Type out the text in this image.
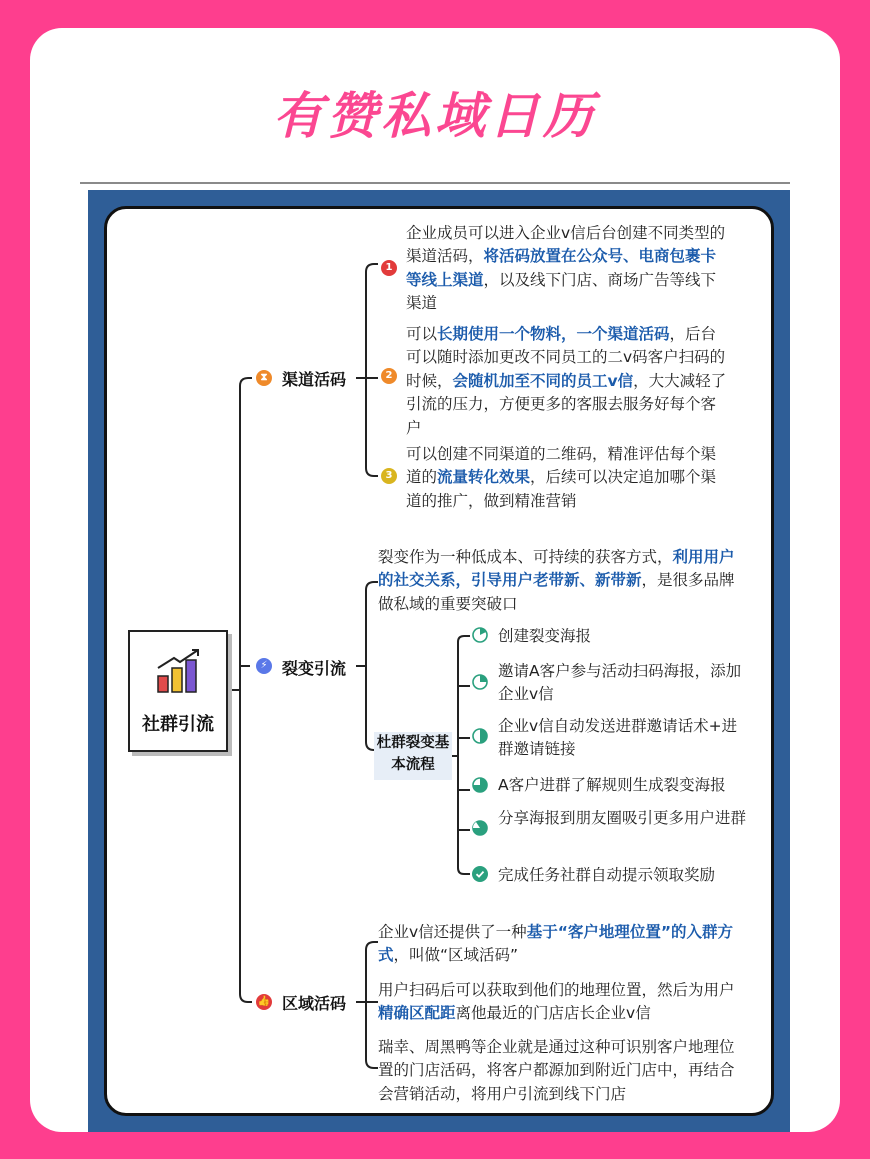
有赞私域日历
社群引流
⧗ 渠道活码
1
企业成员可以进入企业v信后台创建不同类型的渠道活码，将活码放置在公众号、电商包裹卡等线上渠道，以及线下门店、商场广告等线下渠道
2
可以长期使用一个物料，一个渠道活码，后台可以随时添加更改不同员工的二v码客户扫码的时候，会随机加至不同的员工v信，大大减轻了引流的压力，方便更多的客服去服务好每个客户
3
可以创建不同渠道的二维码，精准评估每个渠道的流量转化效果，后续可以决定追加哪个渠道的推广，做到精准营销
⚡ 裂变引流
裂变作为一种低成本、可持续的获客方式，利用用户的社交关系，引导用户老带新、新带新，是很多品牌做私域的重要突破口
杜群裂变基本流程
创建裂变海报
邀请A客户参与活动扫码海报，添加企业v信
企业v信自动发送进群邀请话术+进群邀请链接
A客户进群了解规则生成裂变海报
分享海报到朋友圈吸引更多用户进群
完成任务社群自动提示领取奖励
👍 区域活码
企业v信还提供了一种基于“客户地理位置”的入群方式，叫做“区域活码”
用户扫码后可以获取到他们的地理位置，然后为用户精确区配距离他最近的门店店长企业v信
瑞幸、周黑鸭等企业就是通过这种可识别客户地理位置的门店活码，将客户都源加到附近门店中，再结合会营销活动，将用户引流到线下门店
